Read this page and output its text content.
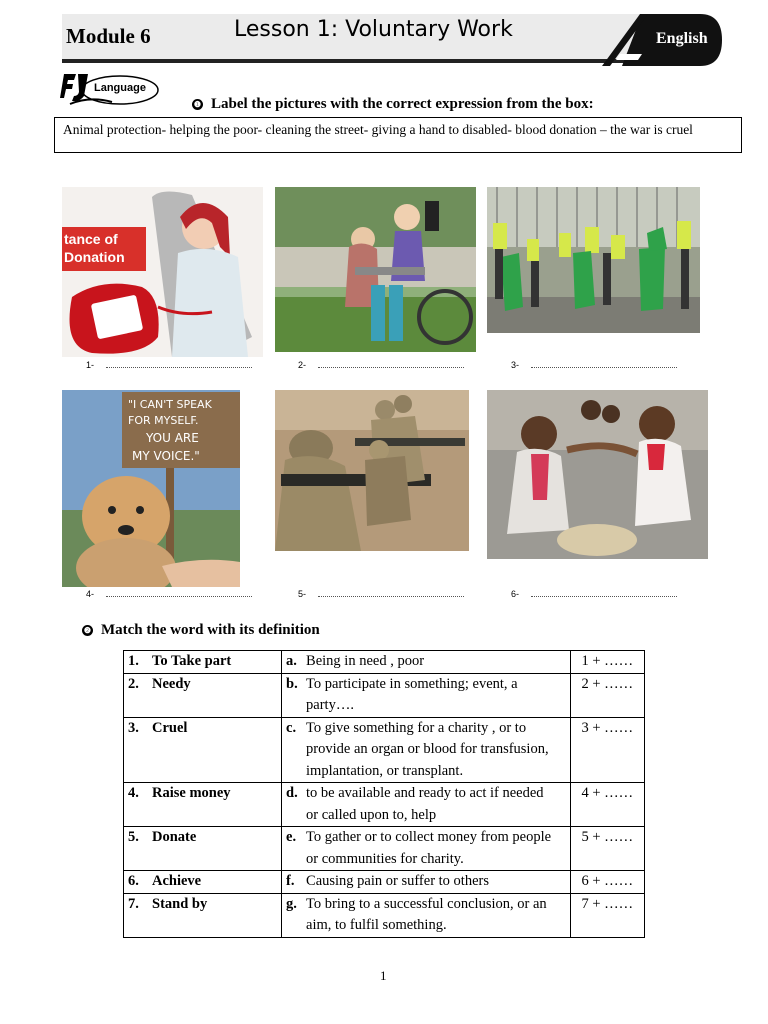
Module 6	Lesson 1: Voluntary Work	English
Language
❶ Label the pictures with the correct expression from the box:
Animal protection- helping the poor- cleaning the street- giving a hand to disabled- blood donation – the war is cruel
tance of
Donation
1-	2-	3-
"I CAN'T SPEAK
FOR MYSELF.
YOU ARE
MY VOICE."
4-	5-	6-
❷ Match the word with its definition
1. To Take part	a. Being in need , poor	1 + ……
2. Needy	b. To participate in something; event, a party….	2 + ……
3. Cruel	c. To give something for a charity , or to provide an organ or blood for transfusion, implantation, or transplant.	3 + ……
4. Raise money	d. to be available and ready to act if needed or called upon to, help	4 + ……
5. Donate	e. To gather or to collect money from people or communities for charity.	5 + ……
6. Achieve	f. Causing pain or suffer to others	6 + ……
7. Stand by	g. To bring to a successful conclusion, or an aim, to fulfil something.	7 + ……
1
